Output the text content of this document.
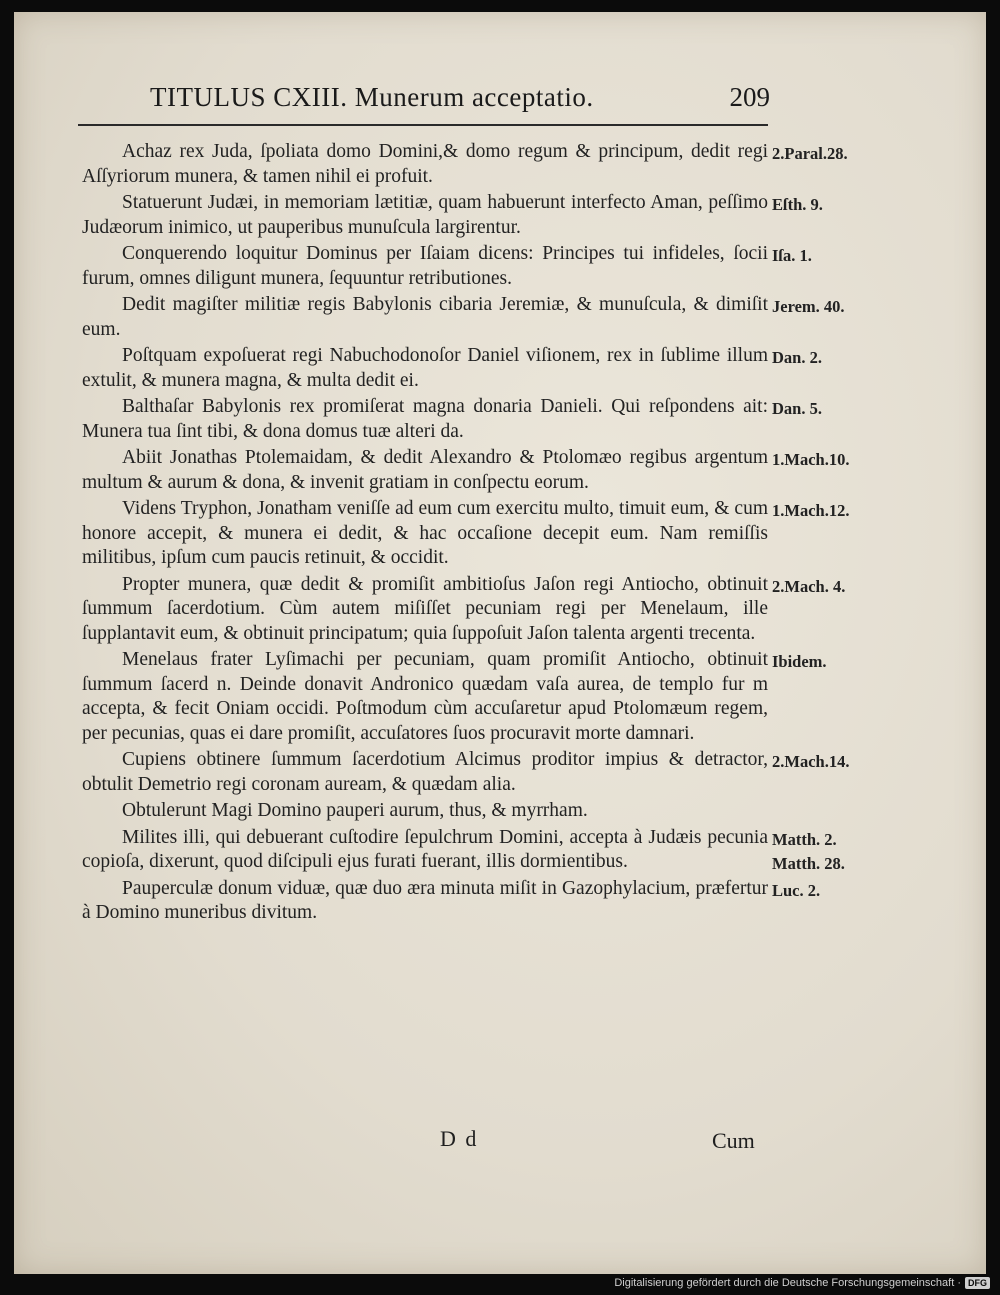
TITULUS CXIII. Munerum acceptatio.	209
Achaz rex Juda, ſpoliata domo Domini,& domo regum & principum, dedit regi Aſſyriorum munera, & tamen nihil ei profuit.
2.Paral.28.
Statuerunt Judæi, in memoriam lætitiæ, quam habuerunt interfecto Aman, peſſimo Judæorum inimico, ut pauperibus munuſcula largirentur.
Eſth. 9.
Conquerendo loquitur Dominus per Iſaiam dicens: Principes tui infideles, ſocii furum, omnes diligunt munera, ſequuntur retributiones.
Iſa. 1.
Dedit magiſter militiæ regis Babylonis cibaria Jeremiæ, & munuſcula, & dimiſit eum.
Jerem. 40.
Poſtquam expoſuerat regi Nabuchodonoſor Daniel viſionem, rex in ſublime illum extulit, & munera magna, & multa dedit ei.
Dan. 2.
Balthaſar Babylonis rex promiſerat magna donaria Danieli. Qui reſpondens ait: Munera tua ſint tibi, & dona domus tuæ alteri da.
Dan. 5.
Abiit Jonathas Ptolemaidam, & dedit Alexandro & Ptolomæo regibus argentum multum & aurum & dona, & invenit gratiam in conſpectu eorum.
1.Mach.10.
Videns Tryphon, Jonatham veniſſe ad eum cum exercitu multo, timuit eum, & cum honore accepit, & munera ei dedit, & hac occaſione decepit eum. Nam remiſſis militibus, ipſum cum paucis retinuit, & occidit.
1.Mach.12.
Propter munera, quæ dedit & promiſit ambitioſus Jaſon regi Antiocho, obtinuit ſummum ſacerdotium. Cùm autem miſiſſet pecuniam regi per Menelaum, ille ſupplantavit eum, & obtinuit principatum; quia ſuppoſuit Jaſon talenta argenti trecenta.
2.Mach. 4.
Menelaus frater Lyſimachi per pecuniam, quam promiſit Antiocho, obtinuit ſummum ſacerd n. Deinde donavit Andronico quædam vaſa aurea, de templo fur m accepta, & fecit Oniam occidi. Poſtmodum cùm accuſaretur apud Ptolomæum regem, per pecunias, quas ei dare promiſit, accuſatores ſuos procuravit morte damnari.
Ibidem.
Cupiens obtinere ſummum ſacerdotium Alcimus proditor impius & detractor, obtulit Demetrio regi coronam auream, & quædam alia.
2.Mach.14.
Obtulerunt Magi Domino pauperi aurum, thus, & myrrham.
Milites illi, qui debuerant cuſtodire ſepulchrum Domini, accepta à Judæis pecunia copioſa, dixerunt, quod diſcipuli ejus furati fuerant, illis dormientibus.
Matth. 2.
Matth. 28.
Pauperculæ donum viduæ, quæ duo æra minuta miſit in Gazophylacium, præfertur à Domino muneribus divitum.
Luc. 2.
D d	Cum
Digitalisierung gefördert durch die Deutsche Forschungsgemeinschaft · DFG
